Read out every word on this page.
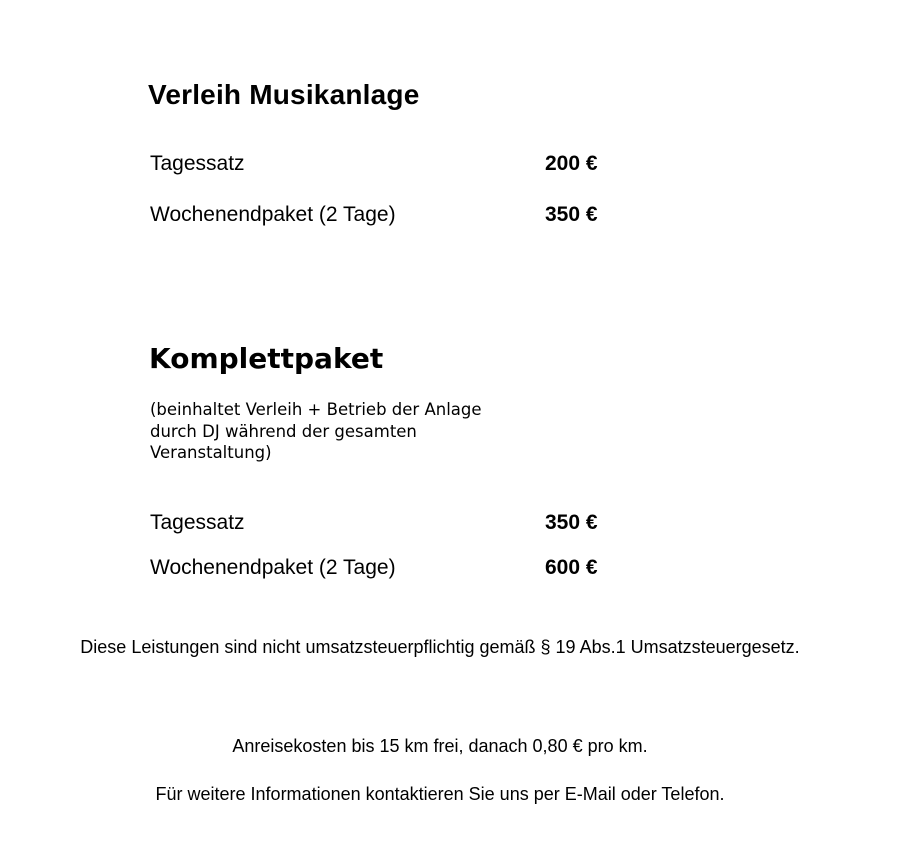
Verleih Musikanlage
Tagessatz	200 €
Wochenendpaket (2 Tage)	350 €
Komplettpaket
(beinhaltet Verleih + Betrieb der Anlage
durch DJ während der gesamten
Veranstaltung)
Tagessatz	350 €
Wochenendpaket (2 Tage)	600 €
Diese Leistungen sind nicht umsatzsteuerpflichtig gemäß § 19 Abs.1 Umsatzsteuergesetz.
Anreisekosten bis 15 km frei, danach 0,80 € pro km.
Für weitere Informationen kontaktieren Sie uns per E-Mail oder Telefon.
